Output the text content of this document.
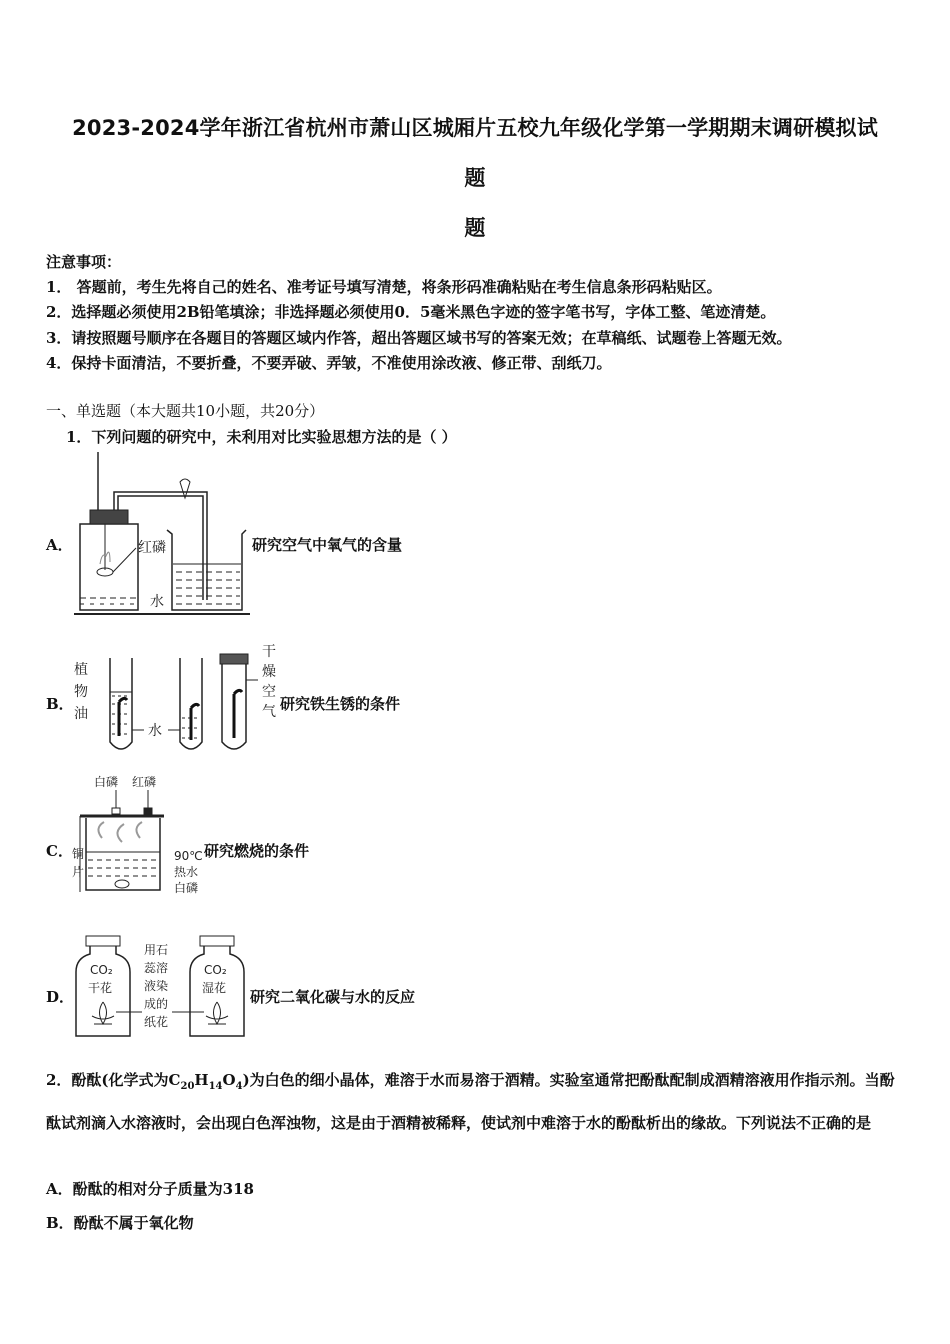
2023-2024学年浙江省杭州市萧山区城厢片五校九年级化学第一学期期末调研模拟试
题
题
注意事项：
1． 答题前，考生先将自己的姓名、准考证号填写清楚，将条形码准确粘贴在考生信息条形码粘贴区。
2．选择题必须使用2B铅笔填涂；非选择题必须使用0．5毫米黑色字迹的签字笔书写，字体工整、笔迹清楚。
3．请按照题号顺序在各题目的答题区域内作答，超出答题区域书写的答案无效；在草稿纸、试题卷上答题无效。
4．保持卡面清洁，不要折叠，不要弄破、弄皱，不准使用涂改液、修正带、刮纸刀。
一、单选题（本大题共10小题，共20分）
1．下列问题的研究中，未利用对比实验思想方法的是（ ）
A．	红磷
水
研究空气中氧气的含量
B．
植
物
油
水
干
燥
空
气 研究铁生锈的条件
C．
白磷 红磷
铜
片
90℃
热水
白磷
研究燃烧的条件
D．
CO₂
干花
用石
蕊溶
液染
成的
纸花
CO₂
湿花 研究二氧化碳与水的反应
2．酚酞(化学式为$C_{20}H_{14}O_4$)为白色的细小晶体，难溶于水而易溶于酒精。实验室通常把酚酞配制成酒精溶液用作指示剂。当酚酞试剂滴入水溶液时，会出现白色浑浊物，这是由于酒精被稀释，使试剂中难溶于水的酚酞析出的缘故。下列说法不正确的是
A．酚酞的相对分子质量为318
B．酚酞不属于氧化物
